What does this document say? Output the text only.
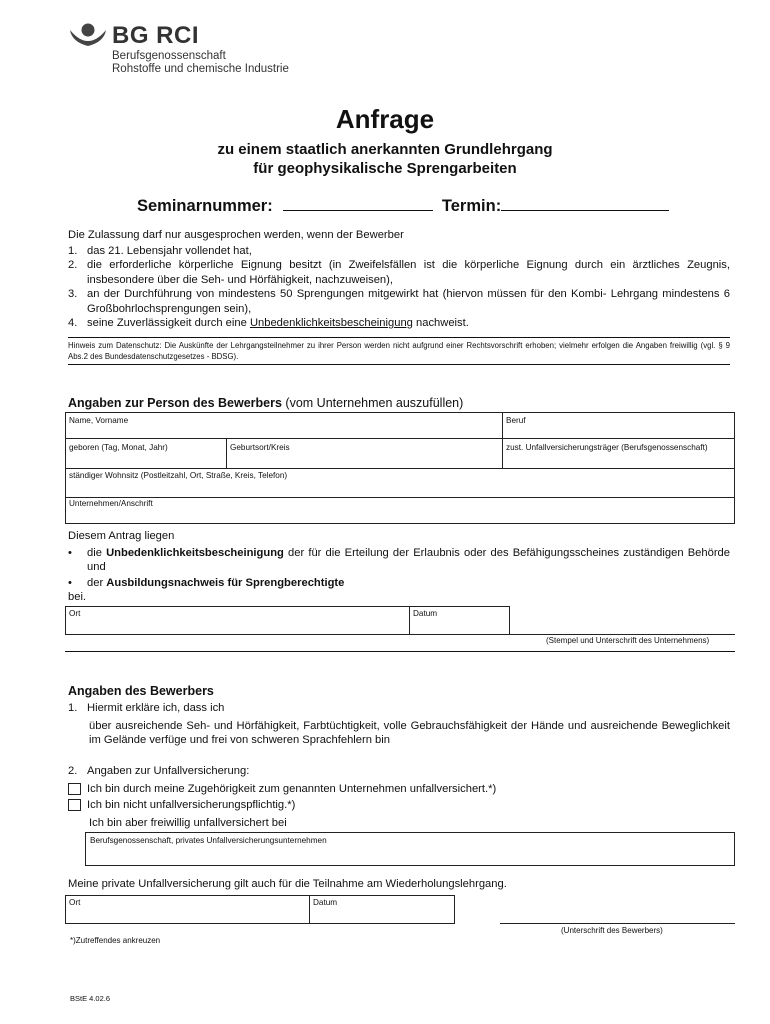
BG RCI
Berufsgenossenschaft
Rohstoffe und chemische Industrie
Anfrage
zu einem staatlich anerkannten Grundlehrgang
für geophysikalische Sprengarbeiten
Seminarnummer:	Termin:
Die Zulassung darf nur ausgesprochen werden, wenn der Bewerber
1. das 21. Lebensjahr vollendet hat,
2. die erforderliche körperliche Eignung besitzt (in Zweifelsfällen ist die körperliche Eignung durch ein ärztliches Zeugnis, insbesondere über die Seh- und Hörfähigkeit, nachzuweisen),
3. an der Durchführung von mindestens 50 Sprengungen mitgewirkt hat (hiervon müssen für den Kombi- Lehrgang mindestens 6 Großbohrlochsprengungen sein),
4. seine Zuverlässigkeit durch eine Unbedenklichkeitsbescheinigung nachweist.
Hinweis zum Datenschutz: Die Auskünfte der Lehrgangsteilnehmer zu ihrer Person werden nicht aufgrund einer Rechtsvorschrift erhoben; vielmehr erfolgen die Angaben freiwillig (vgl. § 9 Abs.2 des Bundesdatenschutzgesetzes - BDSG).
Angaben zur Person des Bewerbers (vom Unternehmen auszufüllen)
Name, Vorname	Beruf
geboren (Tag, Monat, Jahr)	Geburtsort/Kreis	zust. Unfallversicherungsträger (Berufsgenossenschaft)
ständiger Wohnsitz (Postleitzahl, Ort, Straße, Kreis, Telefon)
Unternehmen/Anschrift
Diesem Antrag liegen
•	die Unbedenklichkeitsbescheinigung der für die Erteilung der Erlaubnis oder des Befähigungsscheines zuständigen Behörde und
•	der Ausbildungsnachweis für Sprengberechtigte
bei.
Ort	Datum
(Stempel und Unterschrift des Unternehmens)
Angaben des Bewerbers
1. Hiermit erkläre ich, dass ich
über ausreichende Seh- und Hörfähigkeit, Farbtüchtigkeit, volle Gebrauchsfähigkeit der Hände und ausreichende Beweglichkeit im Gelände verfüge und frei von schweren Sprachfehlern bin
2. Angaben zur Unfallversicherung:
Ich bin durch meine Zugehörigkeit zum genannten Unternehmen unfallversichert.*)
Ich bin nicht unfallversicherungspflichtig.*)
Ich bin aber freiwillig unfallversichert bei
Berufsgenossenschaft, privates Unfallversicherungsunternehmen
Meine private Unfallversicherung gilt auch für die Teilnahme am Wiederholungslehrgang.
Ort	Datum
(Unterschrift des Bewerbers)
*)Zutreffendes ankreuzen
BStE 4.02.6
